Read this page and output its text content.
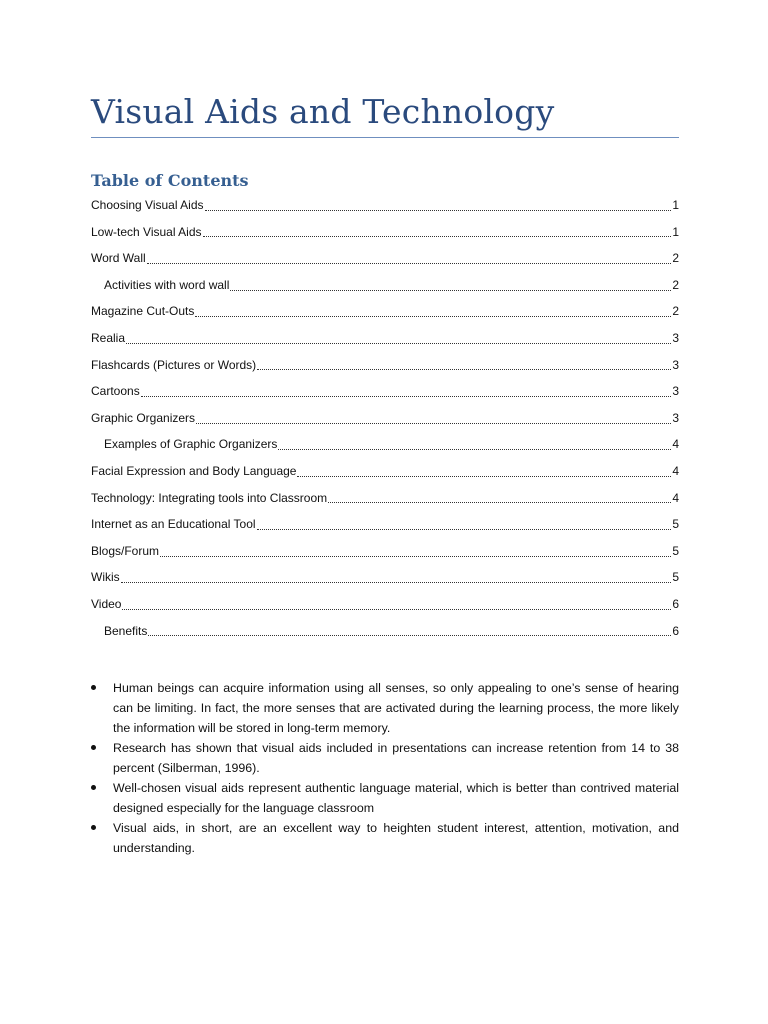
Visual Aids and Technology
Table of Contents
Choosing Visual Aids	1
Low-tech Visual Aids	1
Word Wall	2
Activities with word wall	2
Magazine Cut-Outs	2
Realia	3
Flashcards (Pictures or Words)	3
Cartoons	3
Graphic Organizers	3
Examples of Graphic Organizers	4
Facial Expression and Body Language	4
Technology: Integrating tools into Classroom	4
Internet as an Educational Tool	5
Blogs/Forum	5
Wikis	5
Video	6
Benefits	6
Human beings can acquire information using all senses, so only appealing to one’s sense of hearing can be limiting. In fact, the more senses that are activated during the learning process, the more likely the information will be stored in long-term memory.
Research has shown that visual aids included in presentations can increase retention from 14 to 38 percent (Silberman, 1996).
Well-chosen visual aids represent authentic language material, which is better than contrived material designed especially for the language classroom
Visual aids, in short, are an excellent way to heighten student interest, attention, motivation, and understanding.
